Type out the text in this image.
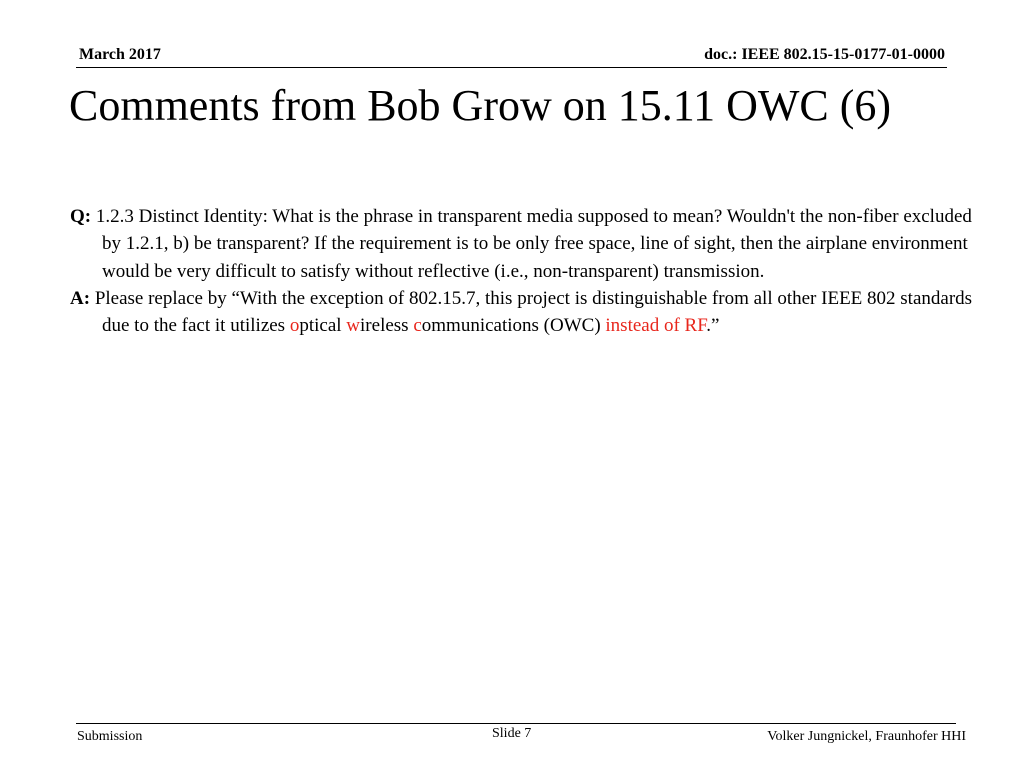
March 2017	doc.: IEEE 802.15-15-0177-01-0000
Comments from Bob Grow on 15.11 OWC (6)

Q: 1.2.3 Distinct Identity: What is the phrase in transparent media supposed to mean? Wouldn't the non-fiber excluded by 1.2.1, b) be transparent? If the requirement is to be only free space, line of sight, then the airplane environment would be very difficult to satisfy without reflective (i.e., non-transparent) transmission.

A: Please replace by “With the exception of 802.15.7, this project is distinguishable from all other IEEE 802 standards due to the fact it utilizes optical wireless communications (OWC) instead of RF.”

Submission	Slide 7	Volker Jungnickel, Fraunhofer HHI
